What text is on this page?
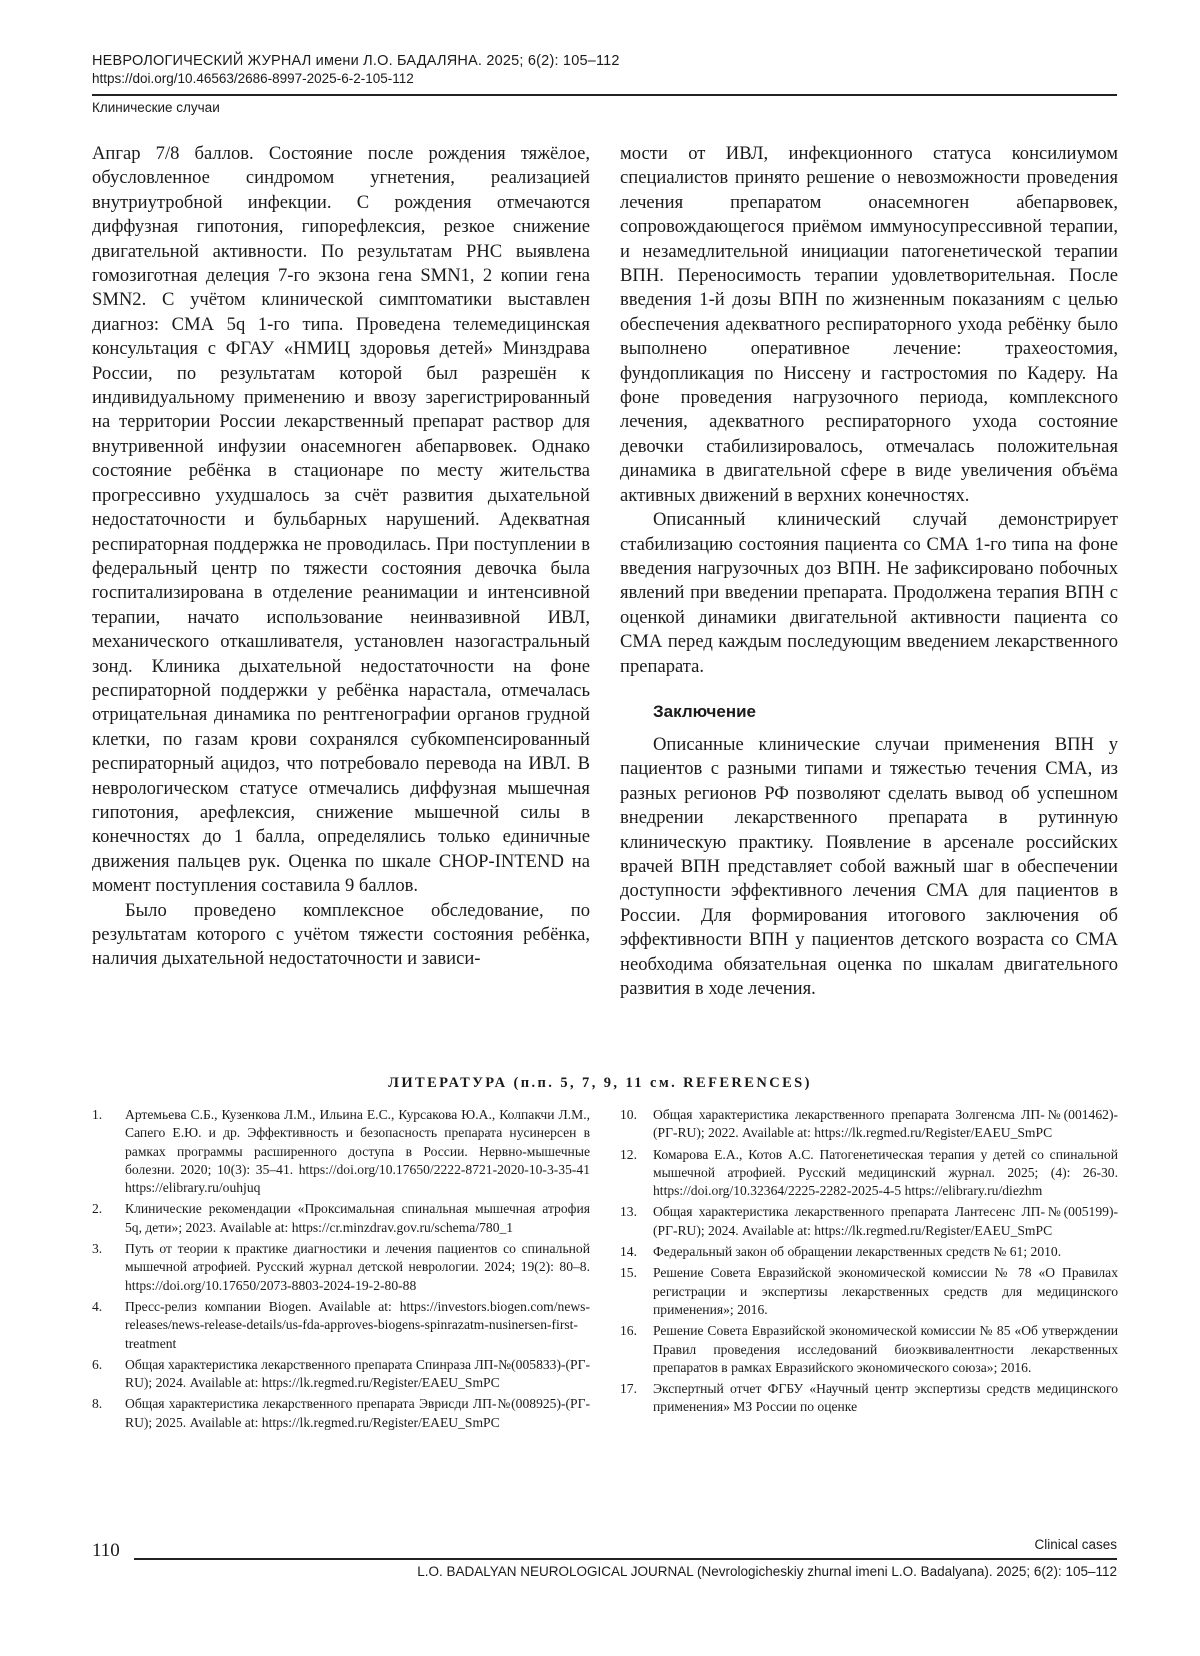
НЕВРОЛОГИЧЕСКИЙ ЖУРНАЛ имени Л.О. БАДАЛЯНА. 2025; 6(2): 105–112
https://doi.org/10.46563/2686-8997-2025-6-2-105-112
Клинические случаи

Апгар 7/8 баллов. Состояние после рождения тяжёлое, обусловленное синдромом угнетения, реализацией внутриутробной инфекции. С рождения отмечаются диффузная гипотония, гипорефлексия, резкое снижение двигательной активности. По результатам РНС выявлена гомозиготная делеция 7-го экзона гена SMN1, 2 копии гена SMN2. С учётом клинической симптоматики выставлен диагноз: СМА 5q 1-го типа. Проведена телемедицинская консультация с ФГАУ «НМИЦ здоровья детей» Минздрава России, по результатам которой был разрешён к индивидуальному применению и ввозу зарегистрированный на территории России лекарственный препарат раствор для внутривенной инфузии онасемноген абепарвовек. Однако состояние ребёнка в стационаре по месту жительства прогрессивно ухудшалось за счёт развития дыхательной недостаточности и бульбарных нарушений. Адекватная респираторная поддержка не проводилась. При поступлении в федеральный центр по тяжести состояния девочка была госпитализирована в отделение реанимации и интенсивной терапии, начато использование неинвазивной ИВЛ, механического откашливателя, установлен назогастральный зонд. Клиника дыхательной недостаточности на фоне респираторной поддержки у ребёнка нарастала, отмечалась отрицательная динамика по рентгенографии органов грудной клетки, по газам крови сохранялся субкомпенсированный респираторный ацидоз, что потребовало перевода на ИВЛ. В неврологическом статусе отмечались диффузная мышечная гипотония, арефлексия, снижение мышечной силы в конечностях до 1 балла, определялись только единичные движения пальцев рук. Оценка по шкале CHOP-INTEND на момент поступления составила 9 баллов.

Было проведено комплексное обследование, по результатам которого с учётом тяжести состояния ребёнка, наличия дыхательной недостаточности и зависи-

мости от ИВЛ, инфекционного статуса консилиумом специалистов принято решение о невозможности проведения лечения препаратом онасемноген абепарвовек, сопровождающегося приёмом иммуносупрессивной терапии, и незамедлительной инициации патогенетической терапии ВПН. Переносимость терапии удовлетворительная. После введения 1-й дозы ВПН по жизненным показаниям с целью обеспечения адекватного респираторного ухода ребёнку было выполнено оперативное лечение: трахеостомия, фундопликация по Ниссену и гастростомия по Кадеру. На фоне проведения нагрузочного периода, комплексного лечения, адекватного респираторного ухода состояние девочки стабилизировалось, отмечалась положительная динамика в двигательной сфере в виде увеличения объёма активных движений в верхних конечностях.

Описанный клинический случай демонстрирует стабилизацию состояния пациента со СМА 1-го типа на фоне введения нагрузочных доз ВПН. Не зафиксировано побочных явлений при введении препарата. Продолжена терапия ВПН с оценкой динамики двигательной активности пациента со СМА перед каждым последующим введением лекарственного препарата.

Заключение

Описанные клинические случаи применения ВПН у пациентов с разными типами и тяжестью течения СМА, из разных регионов РФ позволяют сделать вывод об успешном внедрении лекарственного препарата в рутинную клиническую практику. Появление в арсенале российских врачей ВПН представляет собой важный шаг в обеспечении доступности эффективного лечения СМА для пациентов в России. Для формирования итогового заключения об эффективности ВПН у пациентов детского возраста со СМА необходима обязательная оценка по шкалам двигательного развития в ходе лечения.

ЛИТЕРАТУРА (п.п. 5, 7, 9, 11 см. REFERENCES)
1. Артемьева С.Б., Кузенкова Л.М., Ильина Е.С., Курсакова Ю.А., Колпакчи Л.М., Сапего Е.Ю. и др. Эффективность и безопасность препарата нусинерсен в рамках программы расширенного доступа в России. Нервно-мышечные болезни. 2020; 10(3): 35–41. https://doi.org/10.17650/2222-8721-2020-10-3-35-41 https://elibrary.ru/ouhjuq
2. Клинические рекомендации «Проксимальная спинальная мышечная атрофия 5q, дети»; 2023. Available at: https://cr.minzdrav.gov.ru/schema/780_1
3. Путь от теории к практике диагностики и лечения пациентов со спинальной мышечной атрофией. Русский журнал детской неврологии. 2024; 19(2): 80–8. https://doi.org/10.17650/2073-8803-2024-19-2-80-88
4. Пресс-релиз компании Biogen. Available at: https://investors.biogen.com/news-releases/news-release-details/us-fda-approves-biogens-spinrazatm-nusinersen-first-treatment
6. Общая характеристика лекарственного препарата Спинраза ЛП-№(005833)-(РГ-RU); 2024. Available at: https://lk.regmed.ru/Register/EAEU_SmPC
8. Общая характеристика лекарственного препарата Эврисди ЛП-№(008925)-(РГ-RU); 2025. Available at: https://lk.regmed.ru/Register/EAEU_SmPC
10. Общая характеристика лекарственного препарата Золгенсма ЛП-№(001462)-(РГ-RU); 2022. Available at: https://lk.regmed.ru/Register/EAEU_SmPC
12. Комарова Е.А., Котов А.С. Патогенетическая терапия у детей со спинальной мышечной атрофией. Русский медицинский журнал. 2025; (4): 26-30. https://doi.org/10.32364/2225-2282-2025-4-5 https://elibrary.ru/diezhm
13. Общая характеристика лекарственного препарата Лантесенс ЛП-№(005199)-(РГ-RU); 2024. Available at: https://lk.regmed.ru/Register/EAEU_SmPC
14. Федеральный закон об обращении лекарственных средств № 61; 2010.
15. Решение Совета Евразийской экономической комиссии № 78 «О Правилах регистрации и экспертизы лекарственных средств для медицинского применения»; 2016.
16. Решение Совета Евразийской экономической комиссии № 85 «Об утверждении Правил проведения исследований биоэквивалентности лекарственных препаратов в рамках Евразийского экономического союза»; 2016.
17. Экспертный отчет ФГБУ «Научный центр экспертизы средств медицинского применения» МЗ России по оценке
110	Clinical cases
L.O. BADALYAN NEUROLOGICAL JOURNAL (Nevrologicheskiy zhurnal imeni L.O. Badalyana). 2025; 6(2): 105–112
